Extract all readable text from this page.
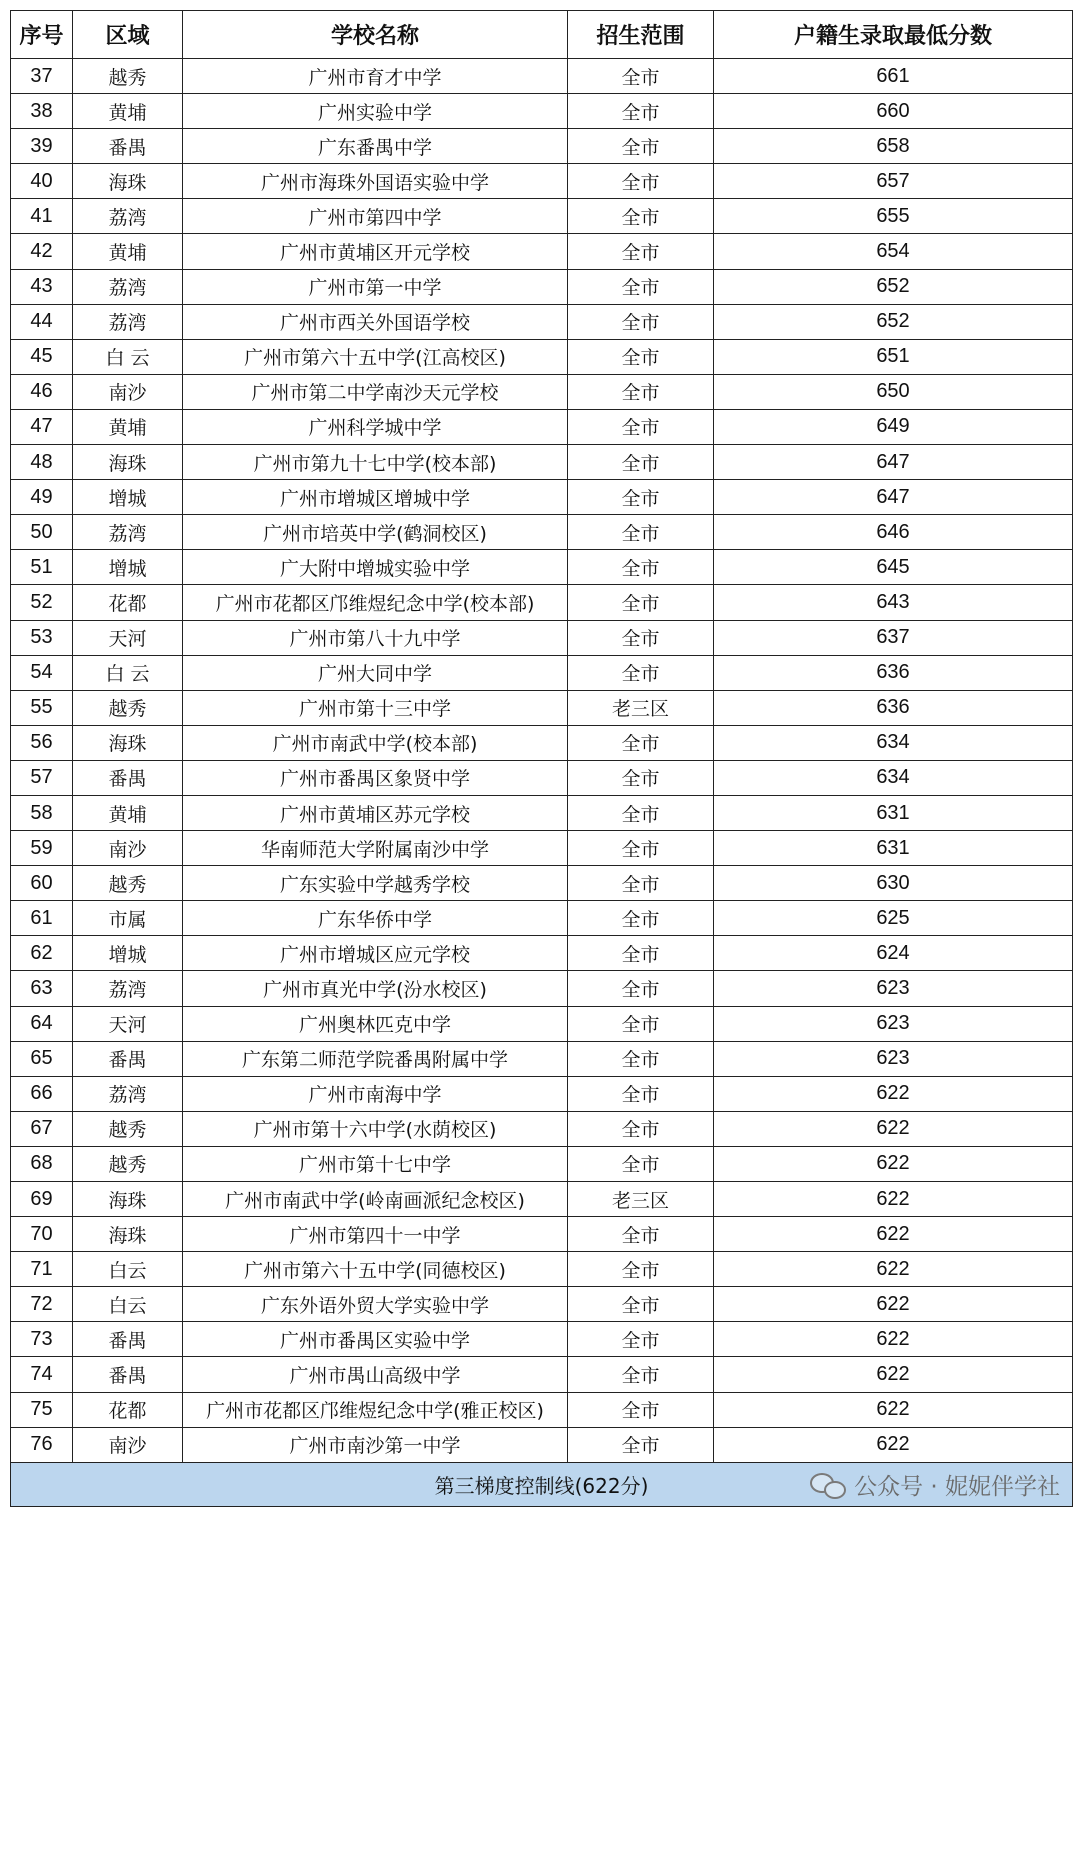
序号	区域	学校名称	招生范围	户籍生录取最低分数
37	越秀	广州市育才中学	全市	661
38	黄埔	广州实验中学	全市	660
39	番禺	广东番禺中学	全市	658
40	海珠	广州市海珠外国语实验中学	全市	657
41	荔湾	广州市第四中学	全市	655
42	黄埔	广州市黄埔区开元学校	全市	654
43	荔湾	广州市第一中学	全市	652
44	荔湾	广州市西关外国语学校	全市	652
45	白 云	广州市第六十五中学(江高校区)	全市	651
46	南沙	广州市第二中学南沙天元学校	全市	650
47	黄埔	广州科学城中学	全市	649
48	海珠	广州市第九十七中学(校本部)	全市	647
49	增城	广州市增城区增城中学	全市	647
50	荔湾	广州市培英中学(鹤洞校区)	全市	646
51	增城	广大附中增城实验中学	全市	645
52	花都	广州市花都区邝维煜纪念中学(校本部)	全市	643
53	天河	广州市第八十九中学	全市	637
54	白 云	广州大同中学	全市	636
55	越秀	广州市第十三中学	老三区	636
56	海珠	广州市南武中学(校本部)	全市	634
57	番禺	广州市番禺区象贤中学	全市	634
58	黄埔	广州市黄埔区苏元学校	全市	631
59	南沙	华南师范大学附属南沙中学	全市	631
60	越秀	广东实验中学越秀学校	全市	630
61	市属	广东华侨中学	全市	625
62	增城	广州市增城区应元学校	全市	624
63	荔湾	广州市真光中学(汾水校区)	全市	623
64	天河	广州奥林匹克中学	全市	623
65	番禺	广东第二师范学院番禺附属中学	全市	623
66	荔湾	广州市南海中学	全市	622
67	越秀	广州市第十六中学(水荫校区)	全市	622
68	越秀	广州市第十七中学	全市	622
69	海珠	广州市南武中学(岭南画派纪念校区)	老三区	622
70	海珠	广州市第四十一中学	全市	622
71	白云	广州市第六十五中学(同德校区)	全市	622
72	白云	广东外语外贸大学实验中学	全市	622
73	番禺	广州市番禺区实验中学	全市	622
74	番禺	广州市禺山高级中学	全市	622
75	花都	广州市花都区邝维煜纪念中学(雅正校区)	全市	622
76	南沙	广州市南沙第一中学	全市	622

第三梯度控制线(622分) 公众号 · 妮妮伴学社				
